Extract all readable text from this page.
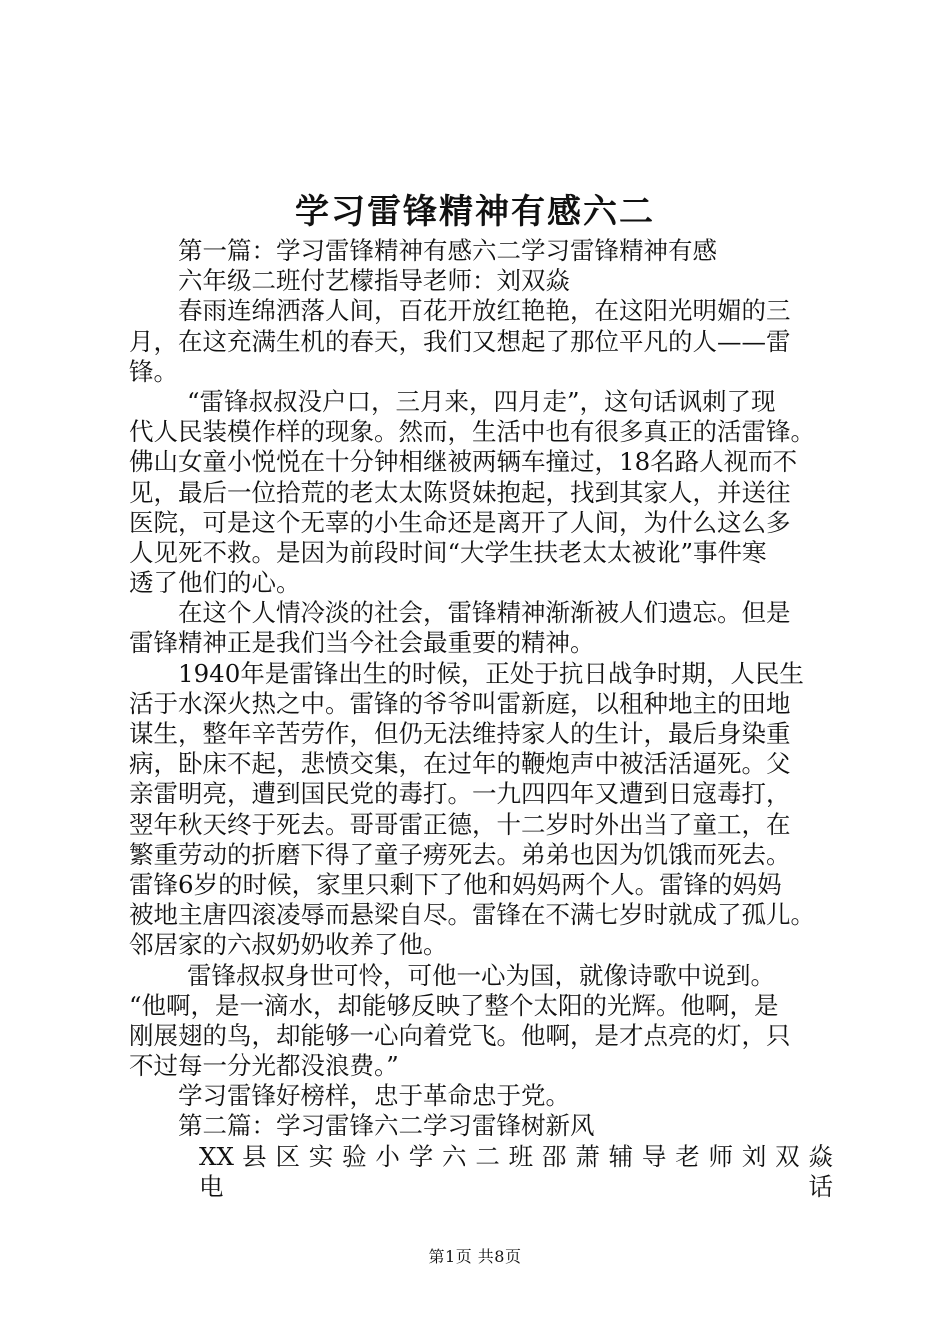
学习雷锋精神有感六二
第一篇：学习雷锋精神有感六二学习雷锋精神有感
六年级二班付艺檬指导老师：刘双焱
春雨连绵洒落人间，百花开放红艳艳，在这阳光明媚的三
月，在这充满生机的春天，我们又想起了那位平凡的人——雷
锋。
“雷锋叔叔没户口，三月来，四月走”，这句话讽刺了现
代人民装模作样的现象。然而，生活中也有很多真正的活雷锋。
佛山女童小悦悦在十分钟相继被两辆车撞过，18名路人视而不
见，最后一位拾荒的老太太陈贤妹抱起，找到其家人，并送往
医院，可是这个无辜的小生命还是离开了人间，为什么这么多
人见死不救。是因为前段时间“大学生扶老太太被讹”事件寒
透了他们的心。
在这个人情冷淡的社会，雷锋精神渐渐被人们遗忘。但是
雷锋精神正是我们当今社会最重要的精神。
1940年是雷锋出生的时候，正处于抗日战争时期，人民生
活于水深火热之中。雷锋的爷爷叫雷新庭，以租种地主的田地
谋生，整年辛苦劳作，但仍无法维持家人的生计，最后身染重
病，卧床不起，悲愤交集，在过年的鞭炮声中被活活逼死。父
亲雷明亮，遭到国民党的毒打。一九四四年又遭到日寇毒打，
翌年秋天终于死去。哥哥雷正德，十二岁时外出当了童工，在
繁重劳动的折磨下得了童子痨死去。弟弟也因为饥饿而死去。
雷锋6岁的时候，家里只剩下了他和妈妈两个人。雷锋的妈妈
被地主唐四滚凌辱而悬梁自尽。雷锋在不满七岁时就成了孤儿。
邻居家的六叔奶奶收养了他。
雷锋叔叔身世可怜，可他一心为国，就像诗歌中说到。
“他啊，是一滴水，却能够反映了整个太阳的光辉。他啊，是
刚展翅的鸟，却能够一心向着党飞。他啊，是才点亮的灯，只
不过每一分光都没浪费。”
学习雷锋好榜样，忠于革命忠于党。
第二篇：学习雷锋六二学习雷锋树新风
XX 县 区 实 验 小 学 六 二 班 邵 萧 辅 导 老 师 刘 双 焱 电 话
第1页 共8页
